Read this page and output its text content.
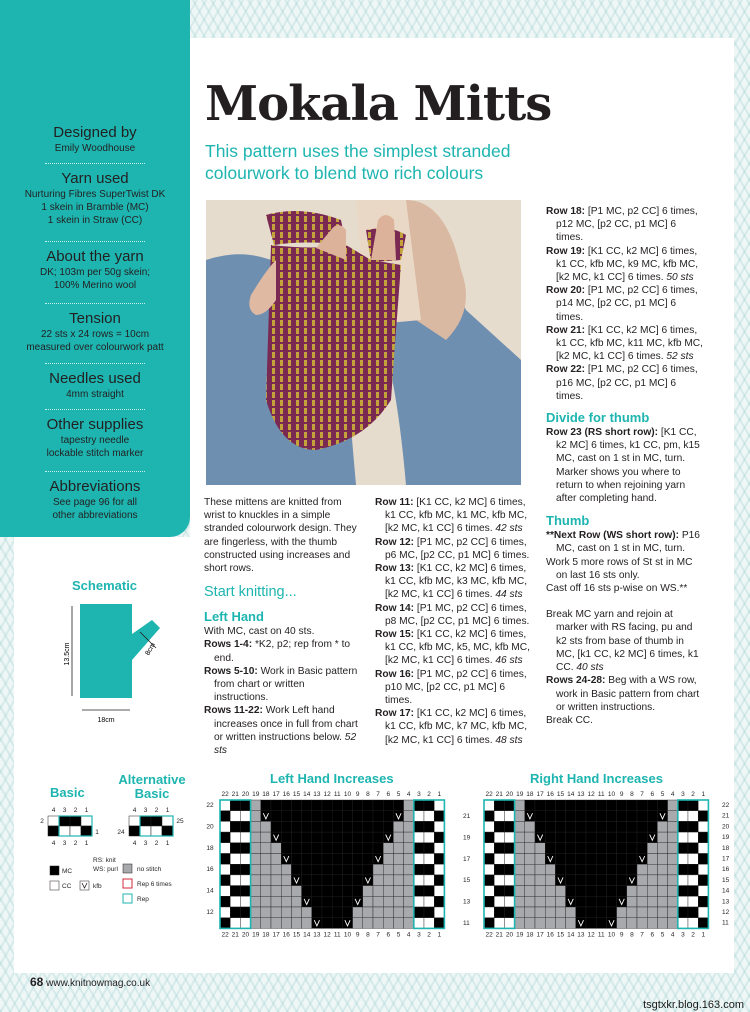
Designed by
Emily Woodhouse
Yarn used
Nurturing Fibres SuperTwist DK
1 skein in Bramble (MC)
1 skein in Straw (CC)
About the yarn
DK; 103m per 50g skein;
100% Merino wool
Tension
22 sts x 24 rows = 10cm
measured over colourwork patt
Needles used
4mm straight
Other supplies
tapestry needle
lockable stitch marker
Abbreviations
See page 96 for all
other abbreviations
Mokala Mitts
This pattern uses the simplest stranded colourwork to blend two rich colours

These mittens are knitted from wrist to knuckles in a simple stranded colourwork design. They are fingerless, with the thumb constructed using increases and short rows.

Start knitting...
Left Hand

With MC, cast on 40 sts.

Rows 1-4: *K2, p2; rep from * to end.

Rows 5-10: Work in Basic pattern from chart or written instructions.

Rows 11-22: Work Left hand increases once in full from chart or written instructions below. 52 sts

Row 11: [K1 CC, k2 MC] 6 times, k1 CC, kfb MC, k1 MC, kfb MC, [k2 MC, k1 CC] 6 times. 42 sts

Row 12: [P1 MC, p2 CC] 6 times, p6 MC, [p2 CC, p1 MC] 6 times.

Row 13: [K1 CC, k2 MC] 6 times, k1 CC, kfb MC, k3 MC, kfb MC, [k2 MC, k1 CC] 6 times. 44 sts

Row 14: [P1 MC, p2 CC] 6 times, p8 MC, [p2 CC, p1 MC] 6 times.

Row 15: [K1 CC, k2 MC] 6 times, k1 CC, kfb MC, k5, MC, kfb MC, [k2 MC, k1 CC] 6 times. 46 sts

Row 16: [P1 MC, p2 CC] 6 times, p10 MC, [p2 CC, p1 MC] 6 times.

Row 17: [K1 CC, k2 MC] 6 times, k1 CC, kfb MC, k7 MC, kfb MC, [k2 MC, k1 CC] 6 times. 48 sts

Row 18: [P1 MC, p2 CC] 6 times, p12 MC, [p2 CC, p1 MC] 6 times.

Row 19: [K1 CC, k2 MC] 6 times, k1 CC, kfb MC, k9 MC, kfb MC, [k2 MC, k1 CC] 6 times. 50 sts

Row 20: [P1 MC, p2 CC] 6 times, p14 MC, [p2 CC, p1 MC] 6 times.

Row 21: [K1 CC, k2 MC] 6 times, k1 CC, kfb MC, k11 MC, kfb MC, [k2 MC, k1 CC] 6 times. 52 sts

Row 22: [P1 MC, p2 CC] 6 times, p16 MC, [p2 CC, p1 MC] 6 times.

Divide for thumb

Row 23 (RS short row): [K1 CC, k2 MC] 6 times, k1 CC, pm, k15 MC, cast on 1 st in MC, turn. Marker shows you where to return to when rejoining yarn after completing hand.

Thumb

**Next Row (WS short row): P16 MC, cast on 1 st in MC, turn.

Work 5 more rows of St st in MC on last 16 sts only.

Cast off 16 sts p-wise on WS.**

Break MC yarn and rejoin at marker with RS facing, pu and k2 sts from base of thumb in MC, [k1 CC, k2 MC] 6 times, k1 CC. 40 sts

Rows 24-28: Beg with a WS row, work in Basic pattern from chart or written instructions.

Break CC.

Schematic
13.5cm
18cm
8cm
Basic
Alternative Basic
Left Hand Increases	Right Hand Increases
22
22
21
21
20
20
19
19
18
18
17
17
16
16
15
15
14
14
13
13
12
12
11
11
10
10
9
9
8
8
7
7
6
6
5
5
4
4
3
3
2
2
1
1
22
22
21
21
20
20
19
19
18
18
17
17
16
16
15
15
14
14
13
13
12
12
11
11
10
10
9
9
8
8
7
7
6
6
5
5
4
4
3
3
2
2
1
1
22
20
18
16
14
12
21
19
17
15
13
11
22
21
20
19
18
17
16
15
14
13
12
11
4
4
3
3
2
2
1
1
2
1
4
4
3
3
2
2
1
1
25
24
MC
CC	kfb
RS: knit
WS: purl	no stitch
Rep 6 times
Rep
68 www.knitnowmag.co.uk
tsgtxkr.blog.163.com
